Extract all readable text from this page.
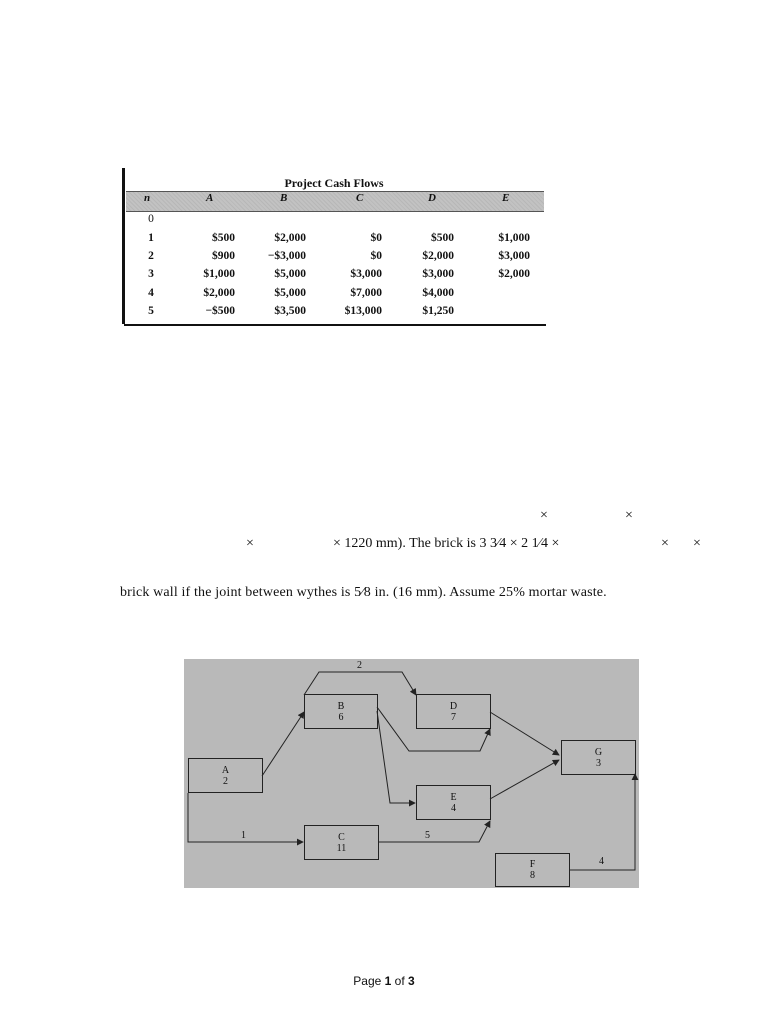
Project Cash Flows
n	A	B	C	D	E
0
1	$500	$2,000	$0	$500	$1,000
2	$900	−$3,000	$0	$2,000	$3,000
3	$1,000	$5,000	$3,000	$3,000	$2,000
4	$2,000	$5,000	$7,000	$4,000
5	−$500	$3,500	$13,000	$1,250
×	×
×	× 1220 mm). The brick is 3 3⁄4 × 2 1⁄4 ×	× ×
brick wall if the joint between wythes is 5⁄8 in. (16 mm). Assume 25% mortar waste.
A
2
B
6
D
7
E
4
C
11
G
3
F
8
2
1	5
4
Page 1 of 3
